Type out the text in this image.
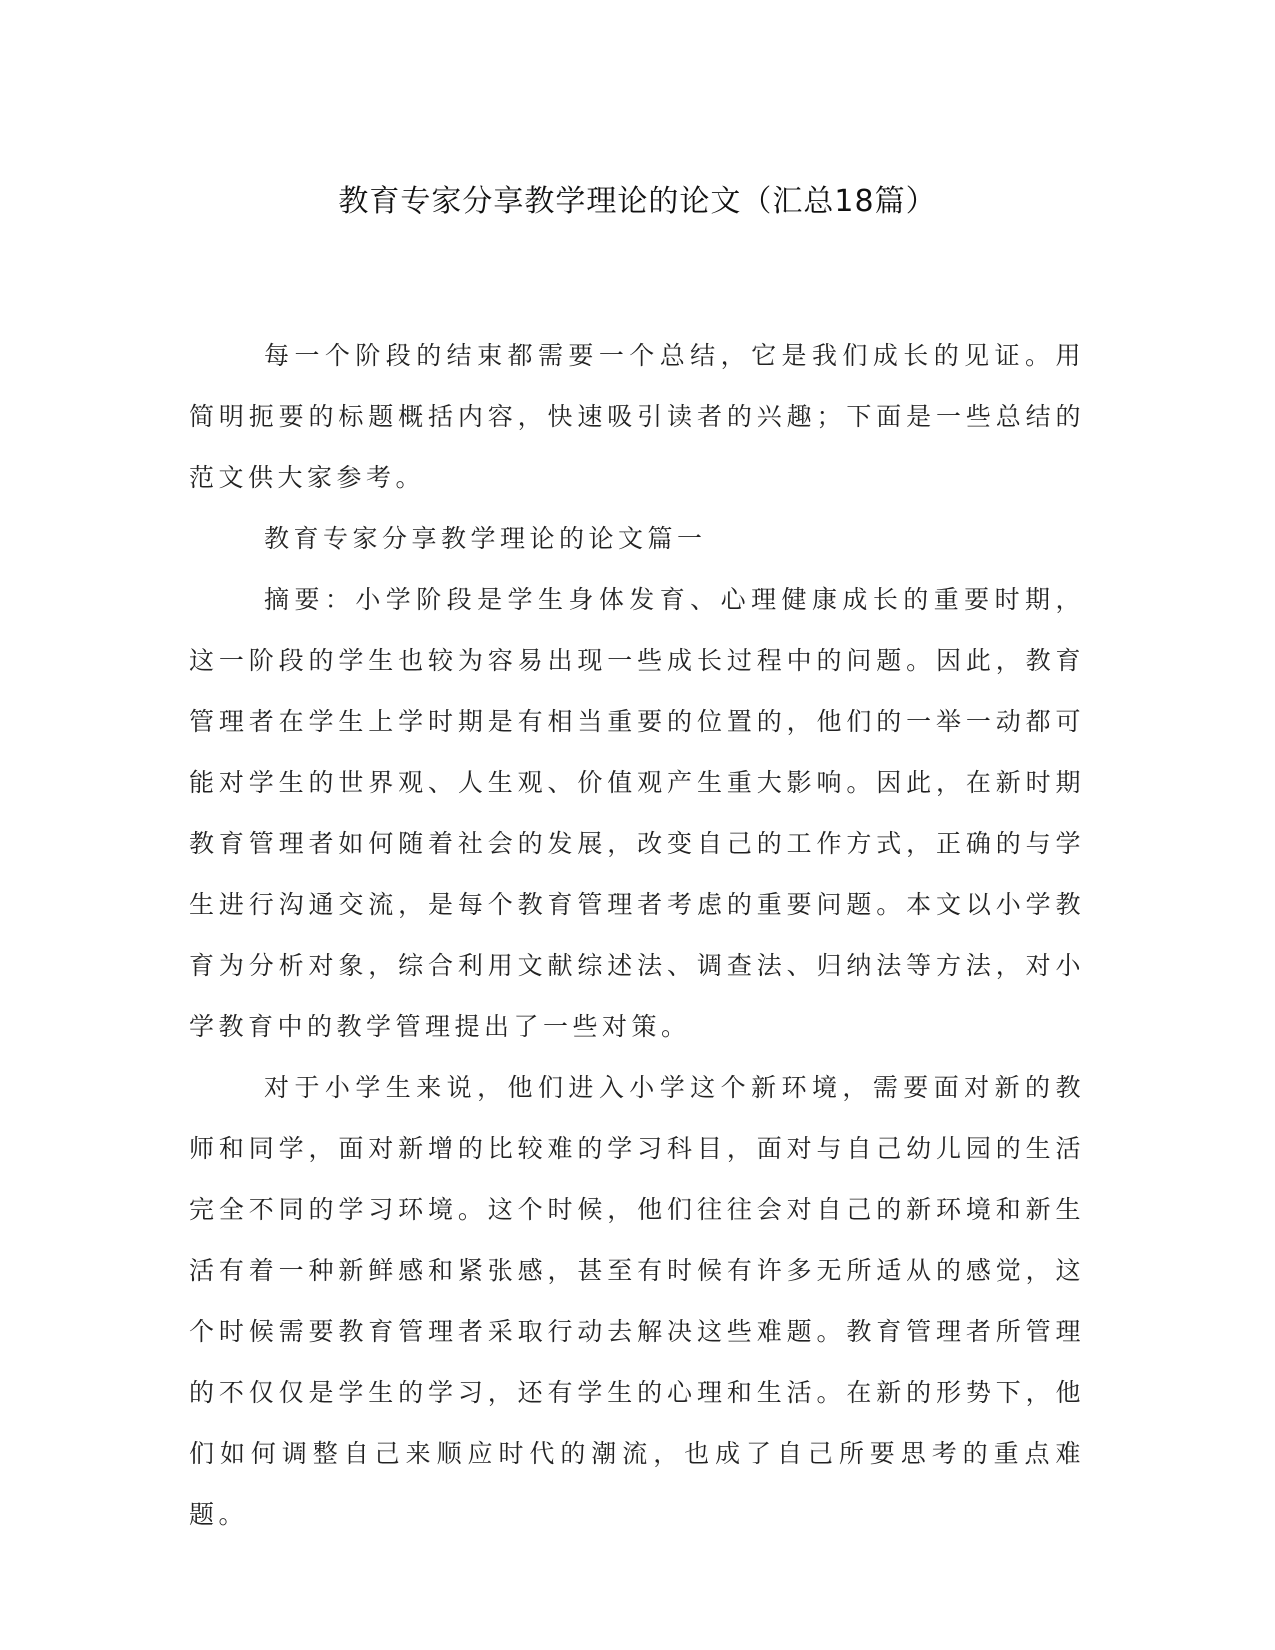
教育专家分享教学理论的论文（汇总18篇）

每一个阶段的结束都需要一个总结，它是我们成长的见证。用简明扼要的标题概括内容，快速吸引读者的兴趣；下面是一些总结的范文供大家参考。

教育专家分享教学理论的论文篇一

摘要：小学阶段是学生身体发育、心理健康成长的重要时期，这一阶段的学生也较为容易出现一些成长过程中的问题。因此，教育管理者在学生上学时期是有相当重要的位置的，他们的一举一动都可能对学生的世界观、人生观、价值观产生重大影响。因此，在新时期教育管理者如何随着社会的发展，改变自己的工作方式，正确的与学生进行沟通交流，是每个教育管理者考虑的重要问题。本文以小学教育为分析对象，综合利用文献综述法、调查法、归纳法等方法，对小学教育中的教学管理提出了一些对策。

对于小学生来说，他们进入小学这个新环境，需要面对新的教师和同学，面对新增的比较难的学习科目，面对与自己幼儿园的生活完全不同的学习环境。这个时候，他们往往会对自己的新环境和新生活有着一种新鲜感和紧张感，甚至有时候有许多无所适从的感觉，这个时候需要教育管理者采取行动去解决这些难题。教育管理者所管理的不仅仅是学生的学习，还有学生的心理和生活。在新的形势下，他们如何调整自己来顺应时代的潮流，也成了自己所要思考的重点难题。
